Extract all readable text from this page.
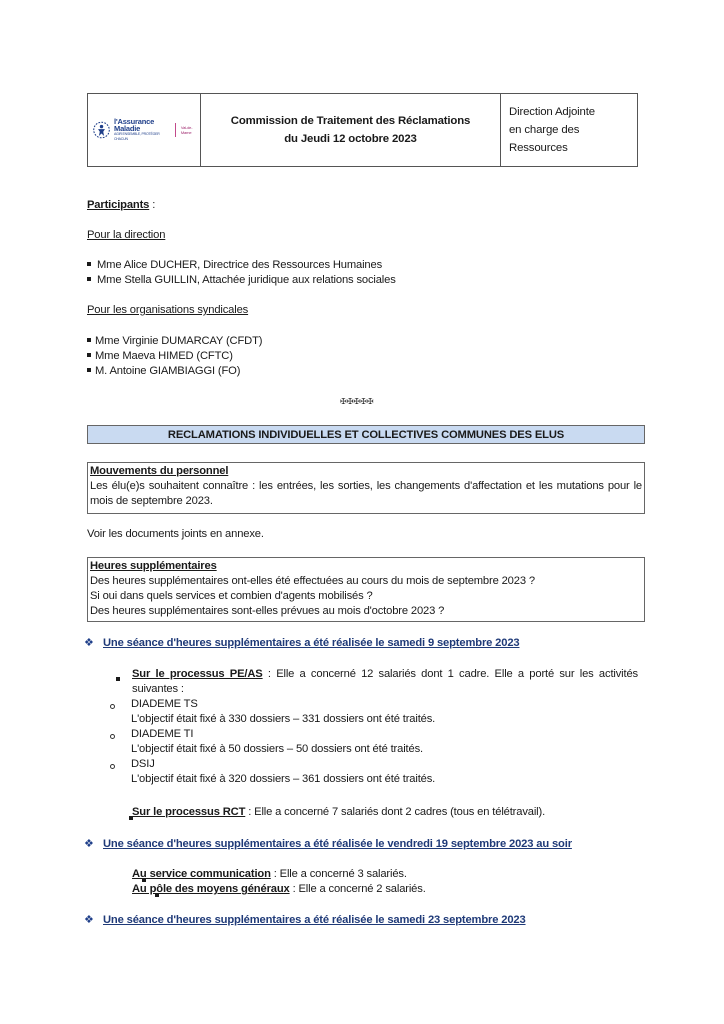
l'Assurance
Maladie
AGIR ENSEMBLE, PROTÉGER CHACUN
Val-de-Marne
Commission de Traitement des Réclamations
du Jeudi 12 octobre 2023
Direction Adjointe
en charge des Ressources
Participants :
Pour la direction
Mme Alice DUCHER, Directrice des Ressources Humaines
Mme Stella GUILLIN, Attachée juridique aux relations sociales
Pour les organisations syndicales
Mme Virginie DUMARCAY (CFDT)
Mme Maeva HIMED (CFTC)
M. Antoine GIAMBIAGGI (FO)
✠✠✠✠✠
RECLAMATIONS INDIVIDUELLES ET COLLECTIVES COMMUNES DES ELUS

Mouvements du personnel

Les élu(e)s souhaitent connaître : les entrées, les sorties, les changements d'affectation et les mutations pour le mois de septembre 2023.

Voir les documents joints en annexe.

Heures supplémentaires

Des heures supplémentaires ont-elles été effectuées au cours du mois de septembre 2023 ?

Si oui dans quels services et combien d'agents mobilisés ?

Des heures supplémentaires sont-elles prévues au mois d'octobre 2023 ?

❖ Une séance d'heures supplémentaires a été réalisée le samedi 9 septembre 2023

Sur le processus PE/AS : Elle a concerné 12 salariés dont 1 cadre. Elle a porté sur les activités suivantes :
DIADEME TS
L'objectif était fixé à 330 dossiers – 331 dossiers ont été traités.
DIADEME TI
L'objectif était fixé à 50 dossiers – 50 dossiers ont été traités.
DSIJ
L'objectif était fixé à 320 dossiers – 361 dossiers ont été traités.

Sur le processus RCT : Elle a concerné 7 salariés dont 2 cadres (tous en télétravail).
❖ Une séance d'heures supplémentaires a été réalisée le vendredi 19 septembre 2023 au soir

Au service communication : Elle a concerné 3 salariés.
Au pôle des moyens généraux : Elle a concerné 2 salariés.
❖ Une séance d'heures supplémentaires a été réalisée le samedi 23 septembre 2023
